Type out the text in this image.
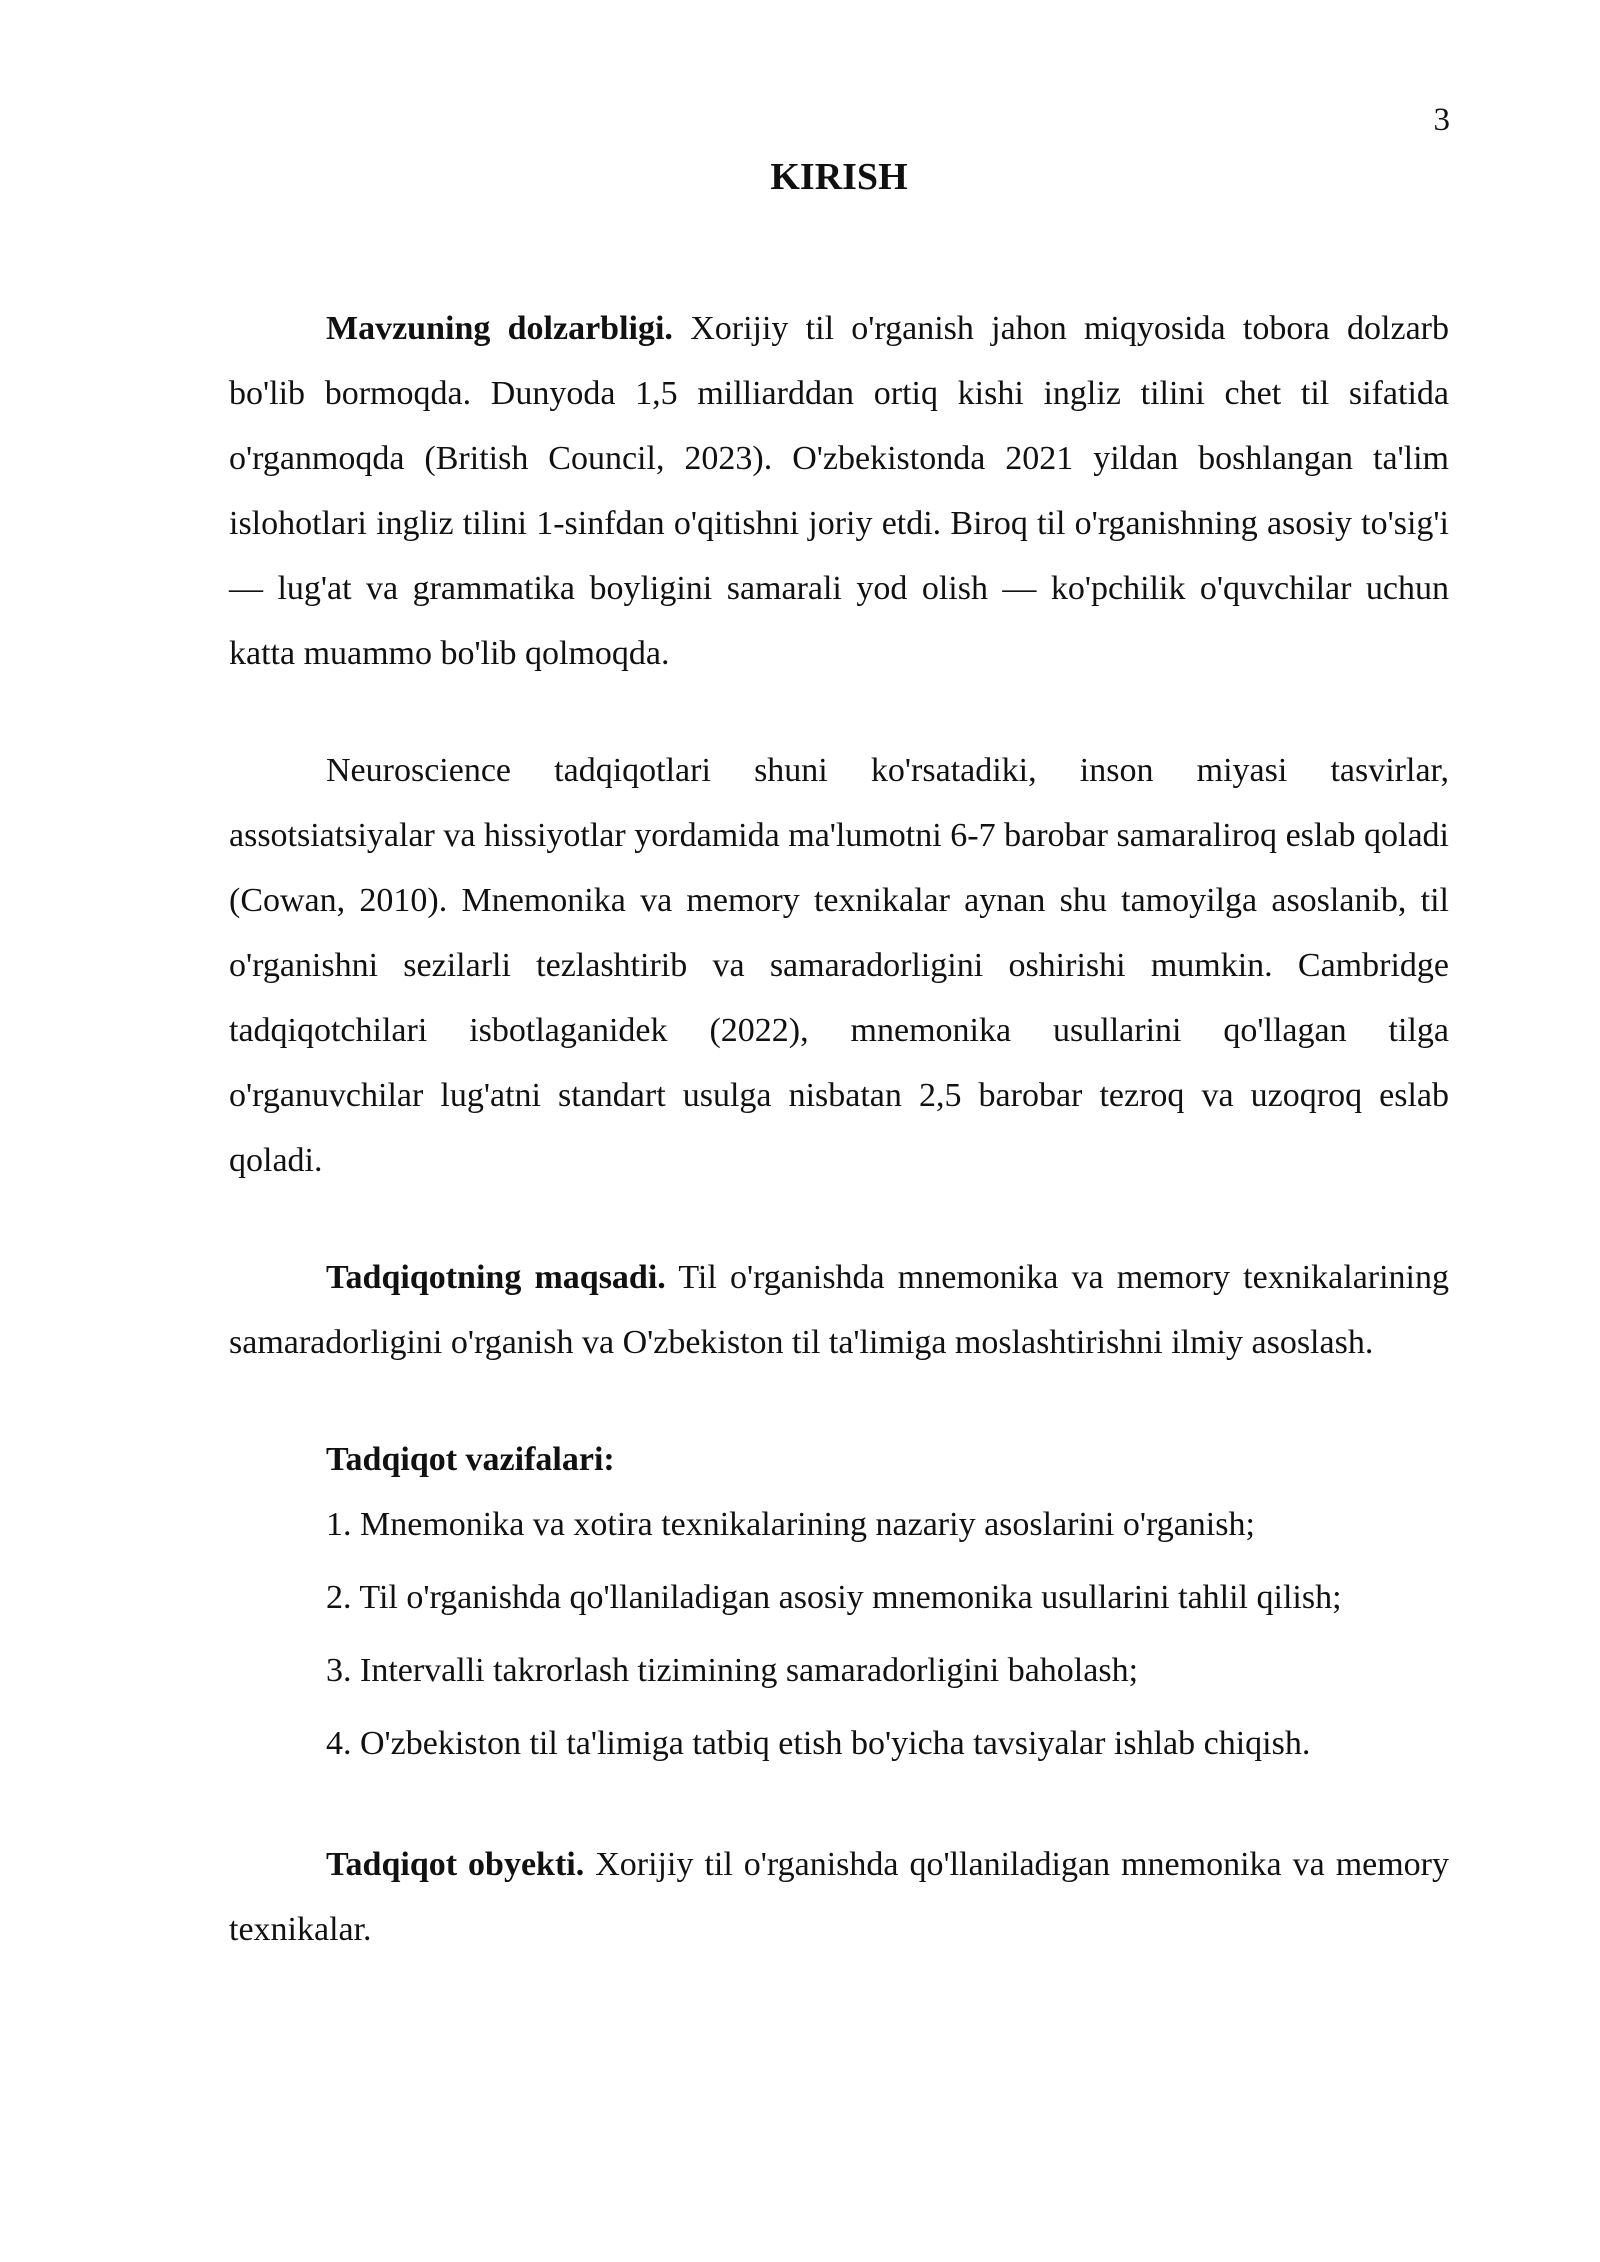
3
KIRISH

Mavzuning dolzarbligi. Xorijiy til o'rganish jahon miqyosida tobora dolzarb bo'lib bormoqda. Dunyoda 1,5 milliarddan ortiq kishi ingliz tilini chet til sifatida o'rganmoqda (British Council, 2023). O'zbekistonda 2021 yildan boshlangan ta'lim islohotlari ingliz tilini 1-sinfdan o'qitishni joriy etdi. Biroq til o'rganishning asosiy to'sig'i — lug'at va grammatika boyligini samarali yod olish — ko'pchilik o'quvchilar uchun katta muammo bo'lib qolmoqda.

Neuroscience tadqiqotlari shuni ko'rsatadiki, inson miyasi tasvirlar, assotsiatsiyalar va hissiyotlar yordamida ma'lumotni 6-7 barobar samaraliroq eslab qoladi (Cowan, 2010). Mnemonika va memory texnikalar aynan shu tamoyilga asoslanib, til o'rganishni sezilarli tezlashtirib va samaradorligini oshirishi mumkin. Cambridge tadqiqotchilari isbotlaganidek (2022), mnemonika usullarini qo'llagan tilga o'rganuvchilar lug'atni standart usulga nisbatan 2,5 barobar tezroq va uzoqroq eslab qoladi.

Tadqiqotning maqsadi. Til o'rganishda mnemonika va memory texnikalarining samaradorligini o'rganish va O'zbekiston til ta'limiga moslashtirishni ilmiy asoslash.

Tadqiqot vazifalari:

1. Mnemonika va xotira texnikalarining nazariy asoslarini o'rganish;
2. Til o'rganishda qo'llaniladigan asosiy mnemonika usullarini tahlil qilish;
3. Intervalli takrorlash tizimining samaradorligini baholash;
4. O'zbekiston til ta'limiga tatbiq etish bo'yicha tavsiyalar ishlab chiqish.

Tadqiqot obyekti. Xorijiy til o'rganishda qo'llaniladigan mnemonika va memory texnikalar.
